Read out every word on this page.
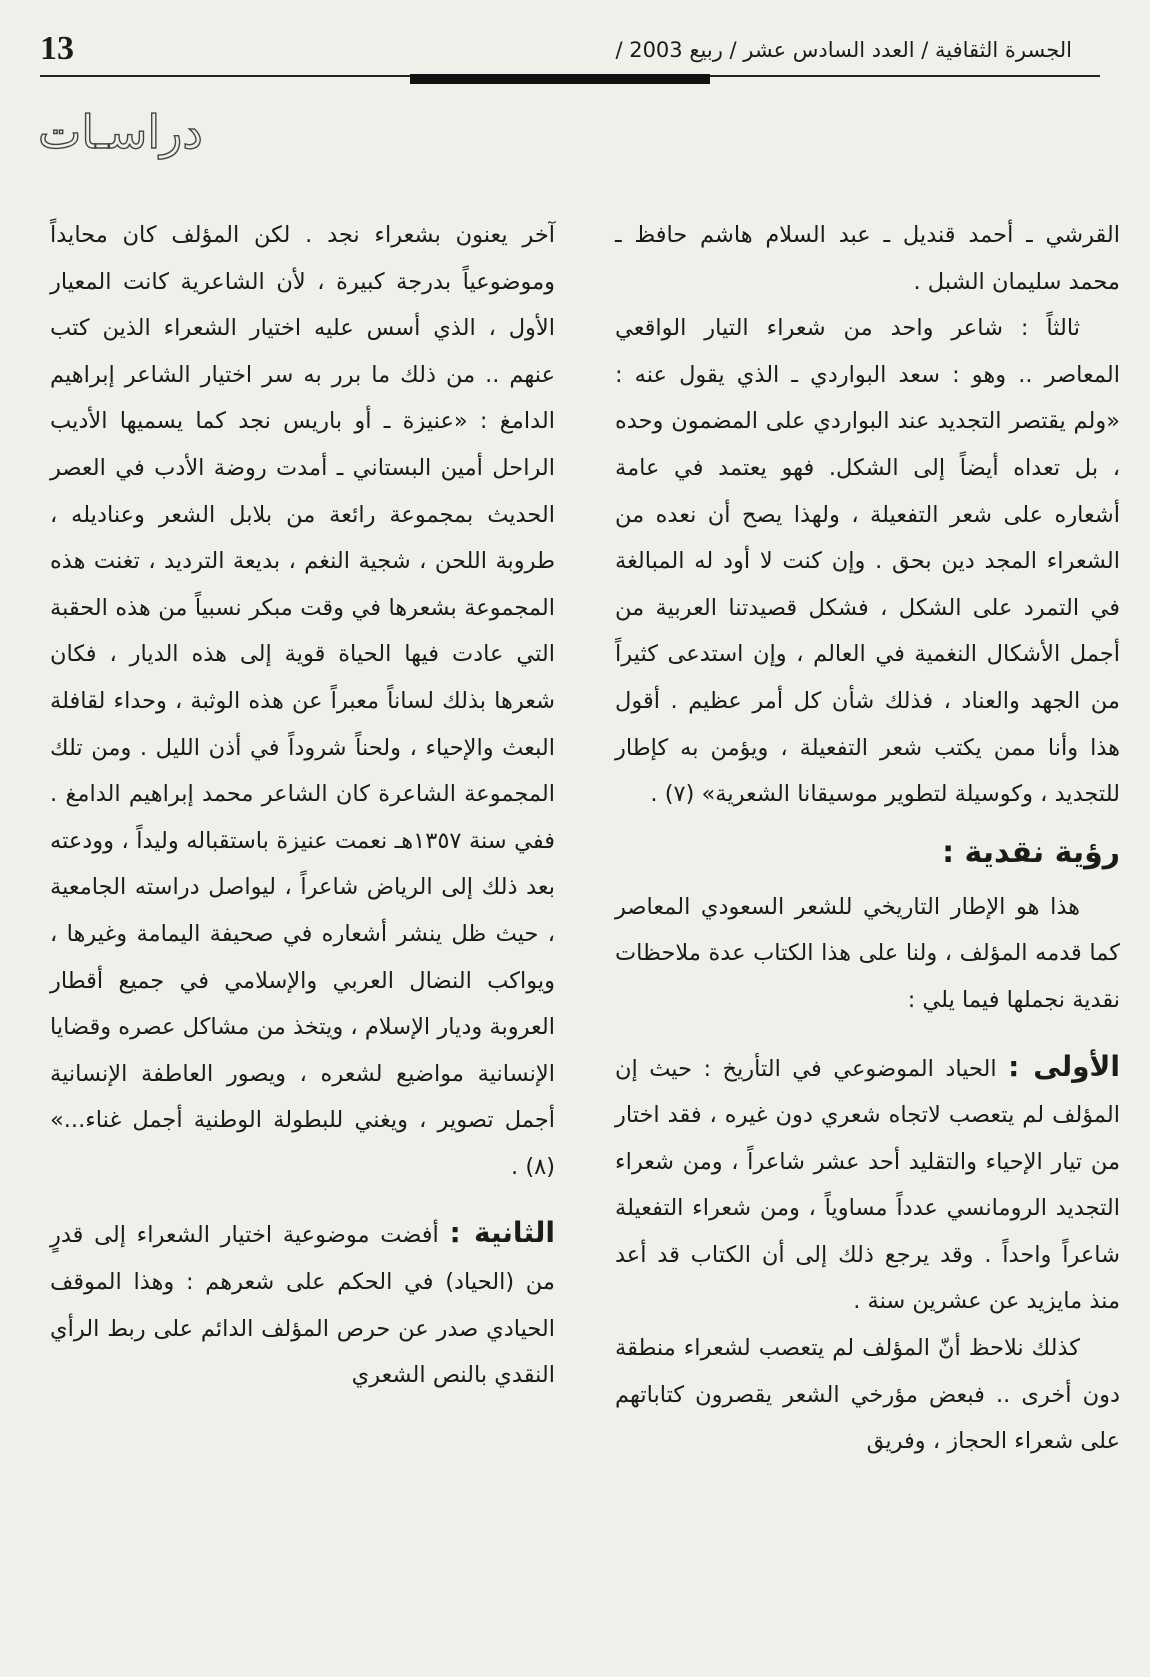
13	الجسرة الثقافية / العدد السادس عشر / ربيع 2003 /
دراسـات

القرشي ـ أحمد قنديل ـ عبد السلام هاشم حافظ ـ محمد سليمان الشبل .

ثالثاً : شاعر واحد من شعراء التيار الواقعي المعاصر .. وهو : سعد البواردي ـ الذي يقول عنه : «ولم يقتصر التجديد عند البواردي على المضمون وحده ، بل تعداه أيضاً إلى الشكل. فهو يعتمد في عامة أشعاره على شعر التفعيلة ، ولهذا يصح أن نعده من الشعراء المجد دين بحق . وإن كنت لا أود له المبالغة في التمرد على الشكل ، فشكل قصيدتنا العربية من أجمل الأشكال النغمية في العالم ، وإن استدعى كثيراً من الجهد والعناد ، فذلك شأن كل أمر عظيم . أقول هذا وأنا ممن يكتب شعر التفعيلة ، ويؤمن به كإطار للتجديد ، وكوسيلة لتطوير موسيقانا الشعرية» (٧) .

رؤية نقدية :

هذا هو الإطار التاريخي للشعر السعودي المعاصر كما قدمه المؤلف ، ولنا على هذا الكتاب عدة ملاحظات نقدية نجملها فيما يلي :

الأولى : الحياد الموضوعي في التأريخ : حيث إن المؤلف لم يتعصب لاتجاه شعري دون غيره ، فقد اختار من تيار الإحياء والتقليد أحد عشر شاعراً ، ومن شعراء التجديد الرومانسي عدداً مساوياً ، ومن شعراء التفعيلة شاعراً واحداً . وقد يرجع ذلك إلى أن الكتاب قد أعد منذ مايزيد عن عشرين سنة .

كذلك نلاحظ أنّ المؤلف لم يتعصب لشعراء منطقة دون أخرى .. فبعض مؤرخي الشعر يقصرون كتاباتهم على شعراء الحجاز ، وفريق

آخر يعنون بشعراء نجد . لكن المؤلف كان محايداً وموضوعياً بدرجة كبيرة ، لأن الشاعرية كانت المعيار الأول ، الذي أسس عليه اختيار الشعراء الذين كتب عنهم .. من ذلك ما برر به سر اختيار الشاعر إبراهيم الدامغ : «عنيزة ـ أو باريس نجد كما يسميها الأديب الراحل أمين البستاني ـ أمدت روضة الأدب في العصر الحديث بمجموعة رائعة من بلابل الشعر وعناديله ، طروبة اللحن ، شجية النغم ، بديعة الترديد ، تغنت هذه المجموعة بشعرها في وقت مبكر نسبياً من هذه الحقبة التي عادت فيها الحياة قوية إلى هذه الديار ، فكان شعرها بذلك لساناً معبراً عن هذه الوثبة ، وحداء لقافلة البعث والإحياء ، ولحناً شروداً في أذن الليل . ومن تلك المجموعة الشاعرة كان الشاعر محمد إبراهيم الدامغ . ففي سنة ١٣٥٧هـ نعمت عنيزة باستقباله وليداً ، وودعته بعد ذلك إلى الرياض شاعراً ، ليواصل دراسته الجامعية ، حيث ظل ينشر أشعاره في صحيفة اليمامة وغيرها ، ويواكب النضال العربي والإسلامي في جميع أقطار العروبة وديار الإسلام ، ويتخذ من مشاكل عصره وقضايا الإنسانية مواضيع لشعره ، ويصور العاطفة الإنسانية أجمل تصوير ، ويغني للبطولة الوطنية أجمل غناء...» (٨) .

الثانية : أفضت موضوعية اختيار الشعراء إلى قدرٍ من (الحياد) في الحكم على شعرهم : وهذا الموقف الحيادي صدر عن حرص المؤلف الدائم على ربط الرأي النقدي بالنص الشعري
